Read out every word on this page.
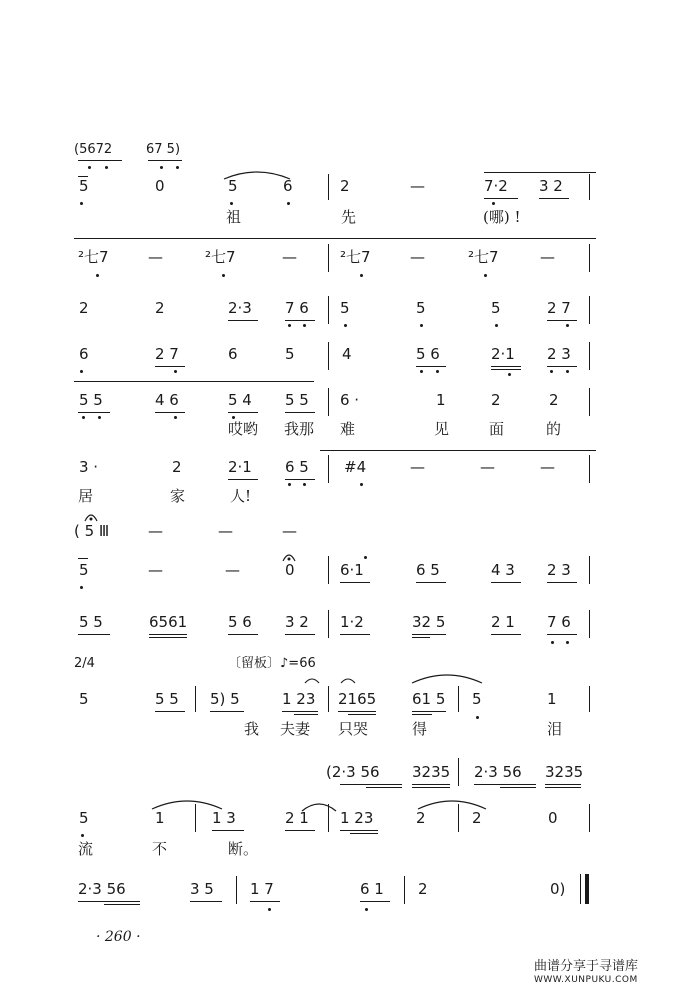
(5672	67 5)
5	0	5	6	2	—	7·2 3 2
祖	先	(哪) !
²七7	—	²七7	—	²七7	—	²七7	—
2	2	2·3 7 6 5	5	5	2 7
6	2 7	6	5	4	5 6	2·1 2 3
5 5	4 6	5 4 5 5 6 ·	1	2	2
哎哟 我那 难	见	面	的
3 ·	2	2·1 6 5 #4	—	—	—
居	家	人!
( 5 Ⅲ	—	—	—
5	—	—	0	6·1	6 5	4 3 2 3
5 5	6561	5 6 3 2 1·2	32 5	2 1 7 6
2/4	〔留板〕♪=66
5	5 5 5) 5	1 23 2165 61 5 5	1
我 夫妻 只哭	得	泪
(2·3 56 3235 2·3 56 3235
5	1	1 3	2 1 1 23	2	2	0
流	不	断。
2·3 56	3 5 1 7	6 1 2	0)
· 260 ·
曲谱分享于寻谱库
WWW.XUNPUKU.COM
